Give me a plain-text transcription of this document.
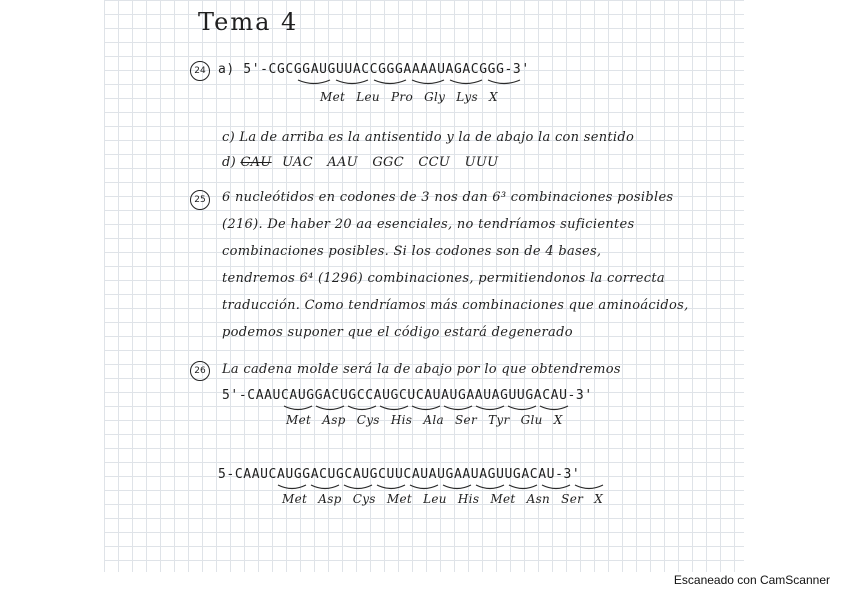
Tema 4
24 a) 5'-CGCGGAUGUUACCGGGAAAAUAGACGGG-3'
Met Leu Pro Gly Lys X
c) La de arriba es la antisentido y la de abajo la con sentido
d) CAU UAC AAU GGC CCU UUU
25	6 nucleótidos en codones de 3 nos dan 6³ combinaciones posibles
(216). De haber 20 aa esenciales, no tendríamos suficientes
combinaciones posibles. Si los codones son de 4 bases,
tendremos 6⁴ (1296) combinaciones, permitiendonos la correcta
traducción. Como tendríamos más combinaciones que aminoácidos,
podemos suponer que el código estará degenerado
26	La cadena molde será la de abajo por lo que obtendremos
5'-CAAUCAUGGACUGCCAUGCUCAUAUGAAUAGUUGACAU-3'
Met Asp Cys His Ala Ser Tyr Glu X
5-CAAUCAUGGACUGCAUGCUUCAUAUGAAUAGUUGACAU-3'
Met Asp Cys Met Leu His Met Asn Ser X
Escaneado con CamScanner
